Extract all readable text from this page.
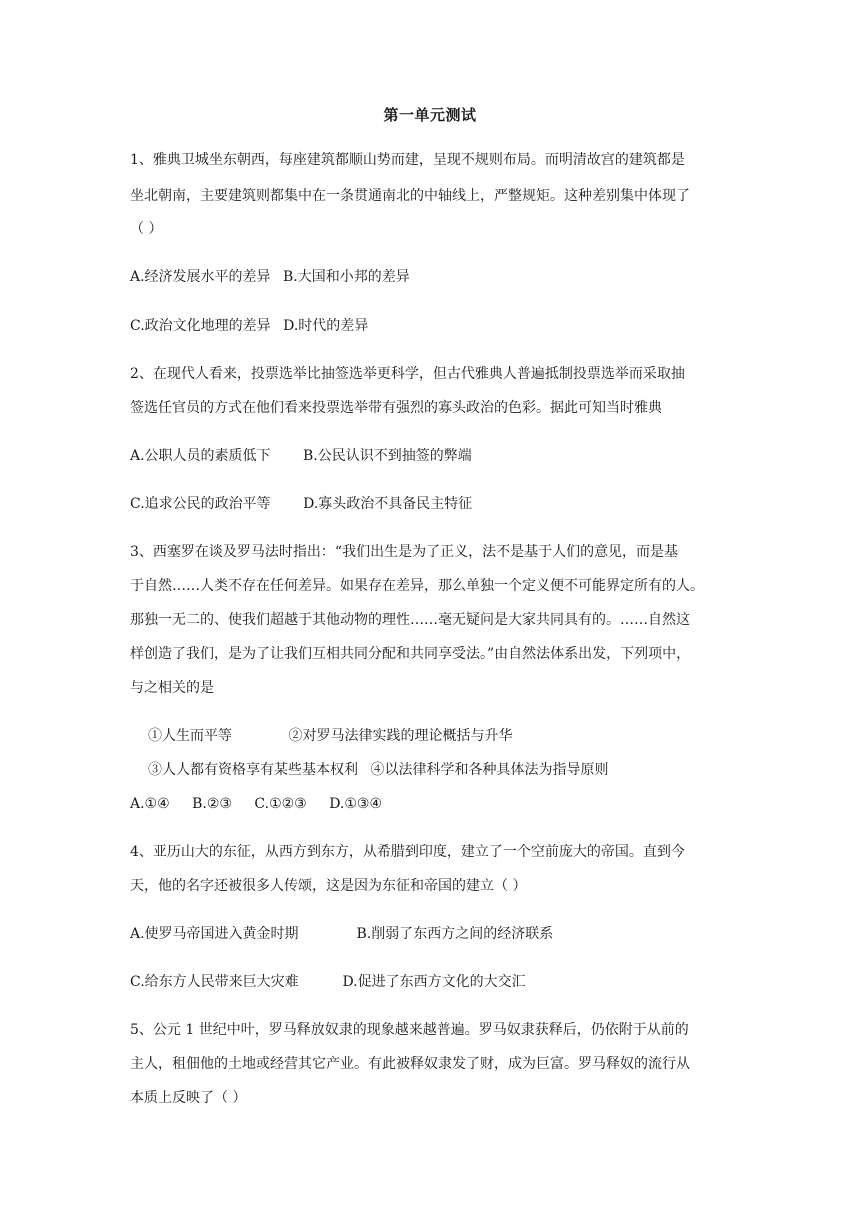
第一单元测试
1、雅典卫城坐东朝西，每座建筑都顺山势而建，呈现不规则布局。而明清故宫的建筑都是
坐北朝南，主要建筑则都集中在一条贯通南北的中轴线上，严整规矩。这种差别集中体现了
（ ）
A.经济发展水平的差异 B.大国和小邦的差异
C.政治文化地理的差异 D.时代的差异
2、在现代人看来，投票选举比抽签选举更科学，但古代雅典人普遍抵制投票选举而采取抽
签选任官员的方式在他们看来投票选举带有强烈的寡头政治的色彩。据此可知当时雅典
A.公职人员的素质低下 B.公民认识不到抽签的弊端
C.追求公民的政治平等 D.寡头政治不具备民主特征
3、西塞罗在谈及罗马法时指出：“我们出生是为了正义，法不是基于人们的意见，而是基
于自然……人类不存在任何差异。如果存在差异，那么单独一个定义便不可能界定所有的人。
那独一无二的、使我们超越于其他动物的理性……毫无疑问是大家共同具有的。……自然这
样创造了我们，是为了让我们互相共同分配和共同享受法。”由自然法体系出发，下列项中，
与之相关的是
①人生而平等	②对罗马法律实践的理论概括与升华
③人人都有资格享有某些基本权利 ④以法律科学和各种具体法为指导原则
A.①④ B.②③ C.①②③ D.①③④
4、亚历山大的东征，从西方到东方，从希腊到印度，建立了一个空前庞大的帝国。直到今
天，他的名字还被很多人传颂，这是因为东征和帝国的建立（ ）
A.使罗马帝国进入黄金时期	B.削弱了东西方之间的经济联系
C.给东方人民带来巨大灾难	D.促进了东西方文化的大交汇
5、公元 1 世纪中叶，罗马释放奴隶的现象越来越普遍。罗马奴隶获释后，仍依附于从前的
主人，租佃他的土地或经营其它产业。有此被释奴隶发了财，成为巨富。罗马释奴的流行从
本质上反映了（ ）
